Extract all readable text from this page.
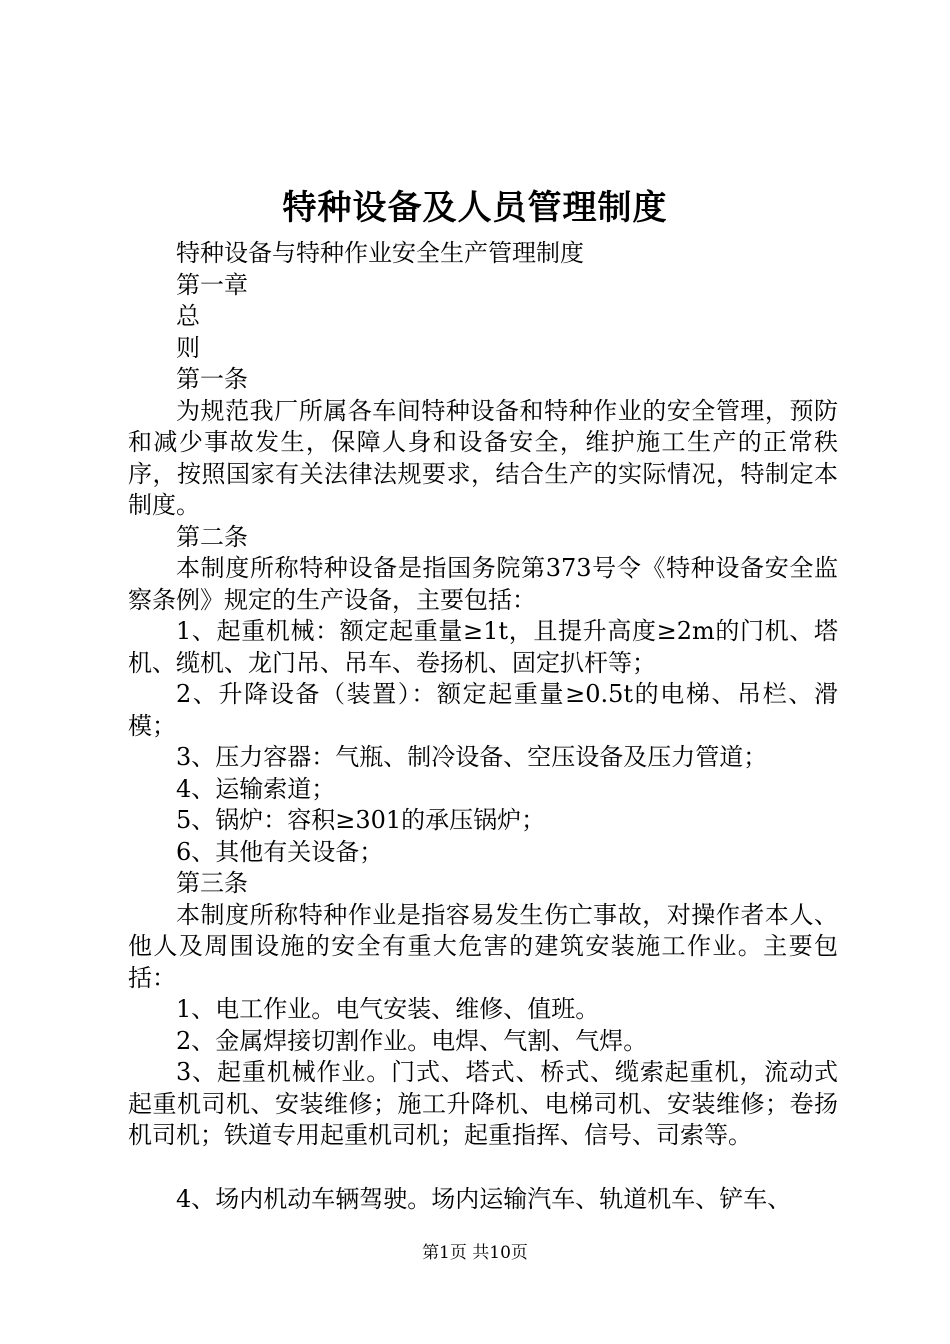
特种设备及人员管理制度

特种设备与特种作业安全生产管理制度

第一章

总

则

第一条

为规范我厂所属各车间特种设备和特种作业的安全管理，预防和减少事故发生，保障人身和设备安全，维护施工生产的正常秩序，按照国家有关法律法规要求，结合生产的实际情况，特制定本制度。

第二条

本制度所称特种设备是指国务院第373号令《特种设备安全监察条例》规定的生产设备，主要包括：

1、起重机械：额定起重量≥1t，且提升高度≥2m的门机、塔机、缆机、龙门吊、吊车、卷扬机、固定扒杆等；

2、升降设备（装置）：额定起重量≥0.5t的电梯、吊栏、滑模；

3、压力容器：气瓶、制冷设备、空压设备及压力管道；

4、运输索道；

5、锅炉：容积≥301的承压锅炉；

6、其他有关设备；

第三条

本制度所称特种作业是指容易发生伤亡事故，对操作者本人、他人及周围设施的安全有重大危害的建筑安装施工作业。主要包括：

1、电工作业。电气安装、维修、值班。

2、金属焊接切割作业。电焊、气割、气焊。

3、起重机械作业。门式、塔式、桥式、缆索起重机，流动式起重机司机、安装维修；施工升降机、电梯司机、安装维修；卷扬机司机；铁道专用起重机司机；起重指挥、信号、司索等。

4、场内机动车辆驾驶。场内运输汽车、轨道机车、铲车、

第1页 共10页
